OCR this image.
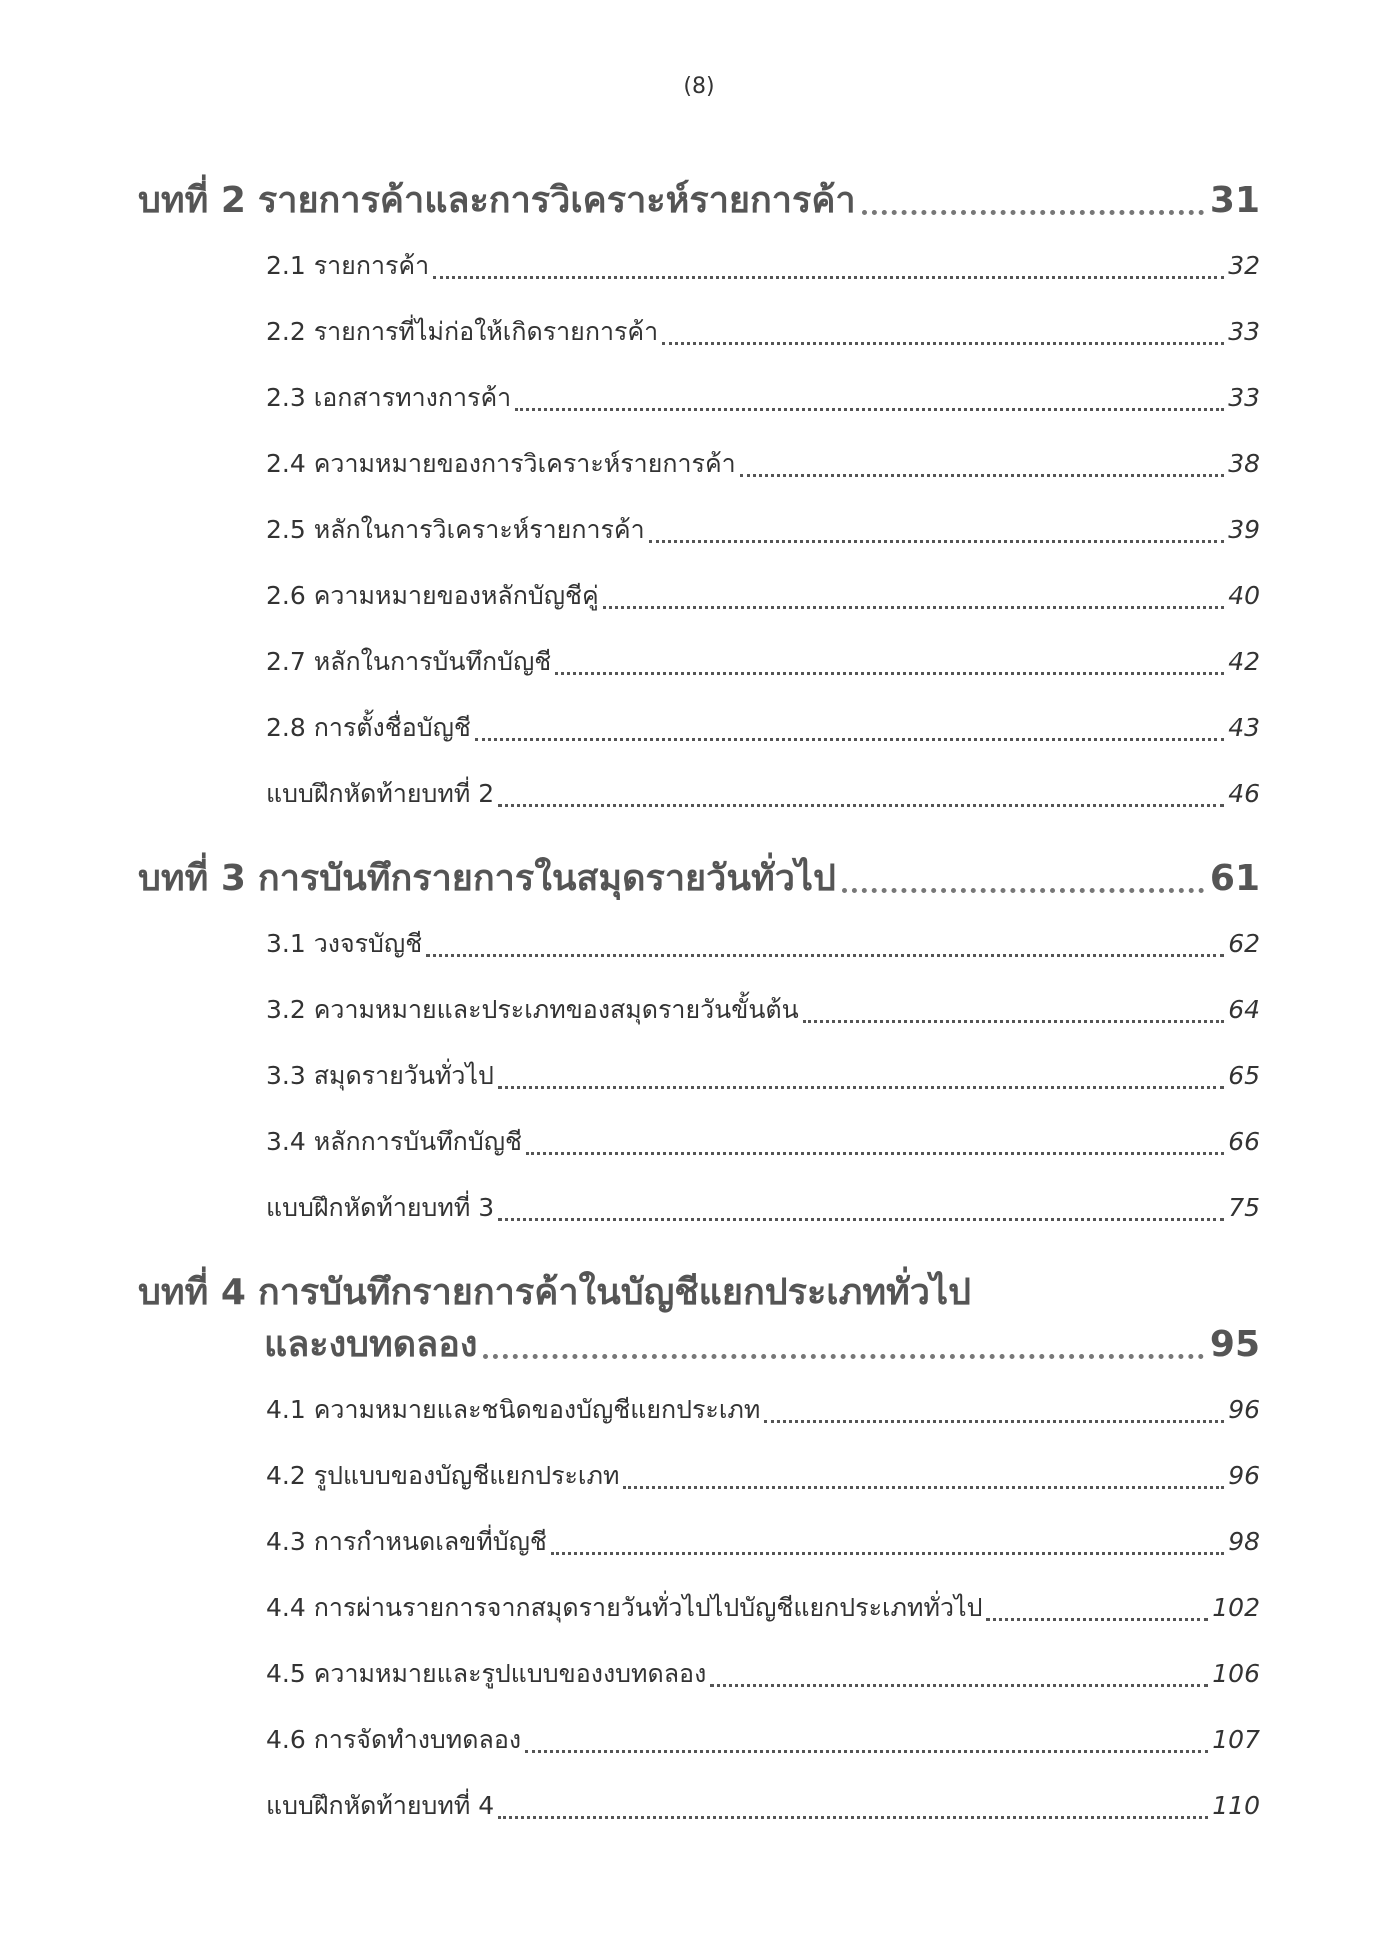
(8)
บทที่ 2 รายการค้าและการวิเคราะห์รายการค้า	31
2.1 รายการค้า	32
2.2 รายการที่ไม่ก่อให้เกิดรายการค้า	33
2.3 เอกสารทางการค้า	33
2.4 ความหมายของการวิเคราะห์รายการค้า	38
2.5 หลักในการวิเคราะห์รายการค้า	39
2.6 ความหมายของหลักบัญชีคู่	40
2.7 หลักในการบันทึกบัญชี	42
2.8 การตั้งชื่อบัญชี	43
แบบฝึกหัดท้ายบทที่ 2	46
บทที่ 3 การบันทึกรายการในสมุดรายวันทั่วไป	61
3.1 วงจรบัญชี	62
3.2 ความหมายและประเภทของสมุดรายวันขั้นต้น	64
3.3 สมุดรายวันทั่วไป	65
3.4 หลักการบันทึกบัญชี	66
แบบฝึกหัดท้ายบทที่ 3	75
บทที่ 4 การบันทึกรายการค้าในบัญชีแยกประเภททั่วไป
และงบทดลอง	95
4.1 ความหมายและชนิดของบัญชีแยกประเภท	96
4.2 รูปแบบของบัญชีแยกประเภท	96
4.3 การกำหนดเลขที่บัญชี	98
4.4 การผ่านรายการจากสมุดรายวันทั่วไปไปบัญชีแยกประเภททั่วไป	102
4.5 ความหมายและรูปแบบของงบทดลอง	106
4.6 การจัดทำงบทดลอง	107
แบบฝึกหัดท้ายบทที่ 4	110
